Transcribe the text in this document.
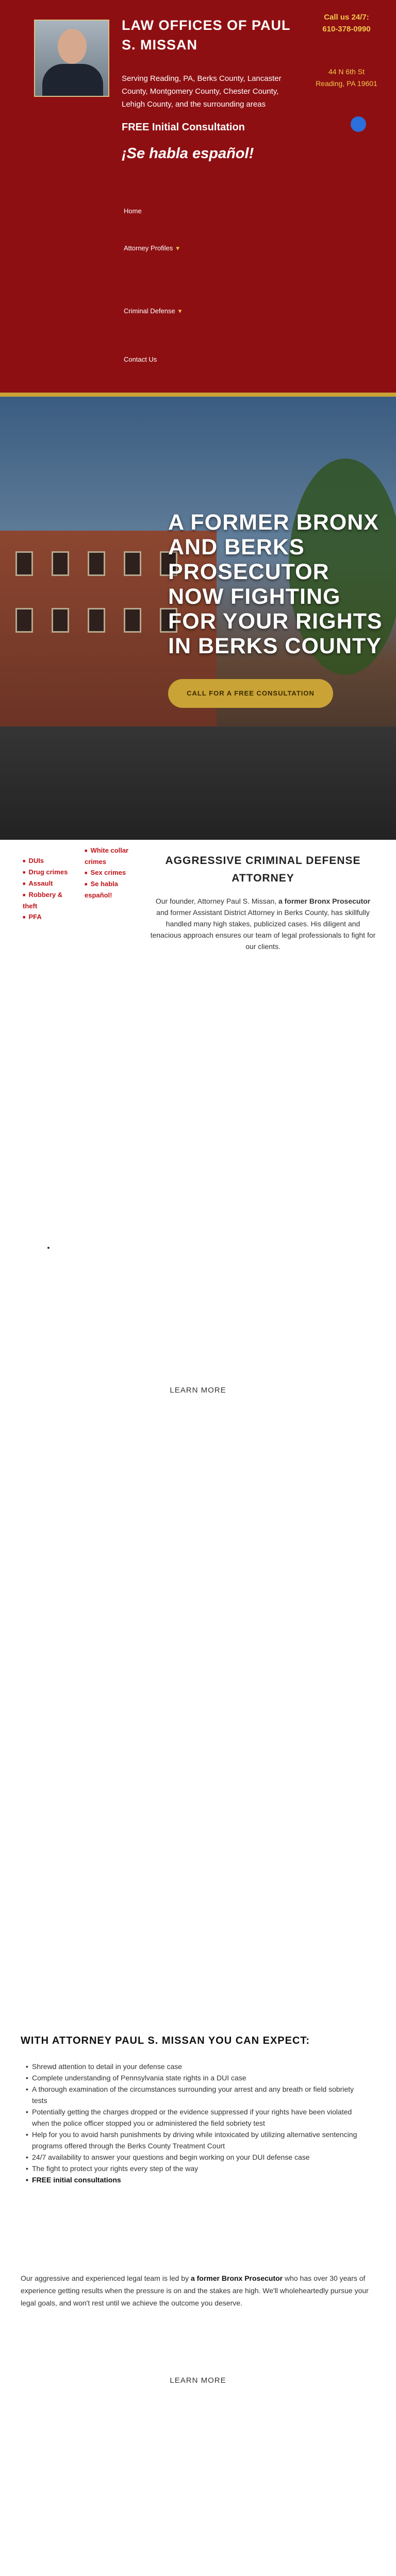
LAW OFFICES OF PAUL S. MISSAN
Serving Reading, PA, Berks County, Lancaster County, Montgomery County, Chester County, Lehigh County, and the surrounding areas
FREE Initial Consultation
¡Se habla español!
Call us 24/7:
610-378-0990
44 N 6th St
Reading, PA 19601
Home
Attorney Profiles ▾
Criminal Defense ▾
Contact Us
A FORMER BRONX AND BERKS PROSECUTOR NOW FIGHTING FOR YOUR RIGHTS IN BERKS COUNTY
CALL FOR A FREE CONSULTATION
■ DUIs
■ Drug crimes
■ Assault
■ Robbery & theft
■ PFA
■ White collar crimes
■ Sex crimes
■ Se habla español!
AGGRESSIVE CRIMINAL DEFENSE ATTORNEY

Our founder, Attorney Paul S. Missan, a former Bronx Prosecutor and former Assistant District Attorney in Berks County, has skillfully handled many high stakes, publicized cases. His diligent and tenacious approach ensures our team of legal professionals to fight for our clients.

LEARN MORE
WITH ATTORNEY PAUL S. MISSAN YOU CAN EXPECT:
• Shrewd attention to detail in your defense case
• Complete understanding of Pennsylvania state rights in a DUI case
• A thorough examination of the circumstances surrounding your arrest and any breath or field sobriety tests
• Potentially getting the charges dropped or the evidence suppressed if your rights have been violated when the police officer stopped you or administered the field sobriety test
• Help for you to avoid harsh punishments by driving while intoxicated by utilizing alternative sentencing programs offered through the Berks County Treatment Court
• 24/7 availability to answer your questions and begin working on your DUI defense case
• The fight to protect your rights every step of the way
• FREE initial consultations

Our aggressive and experienced legal team is led by a former Bronx Prosecutor who has over 30 years of experience getting results when the pressure is on and the stakes are high. We'll wholeheartedly pursue your legal goals, and won't rest until we achieve the outcome you deserve.

LEARN MORE
